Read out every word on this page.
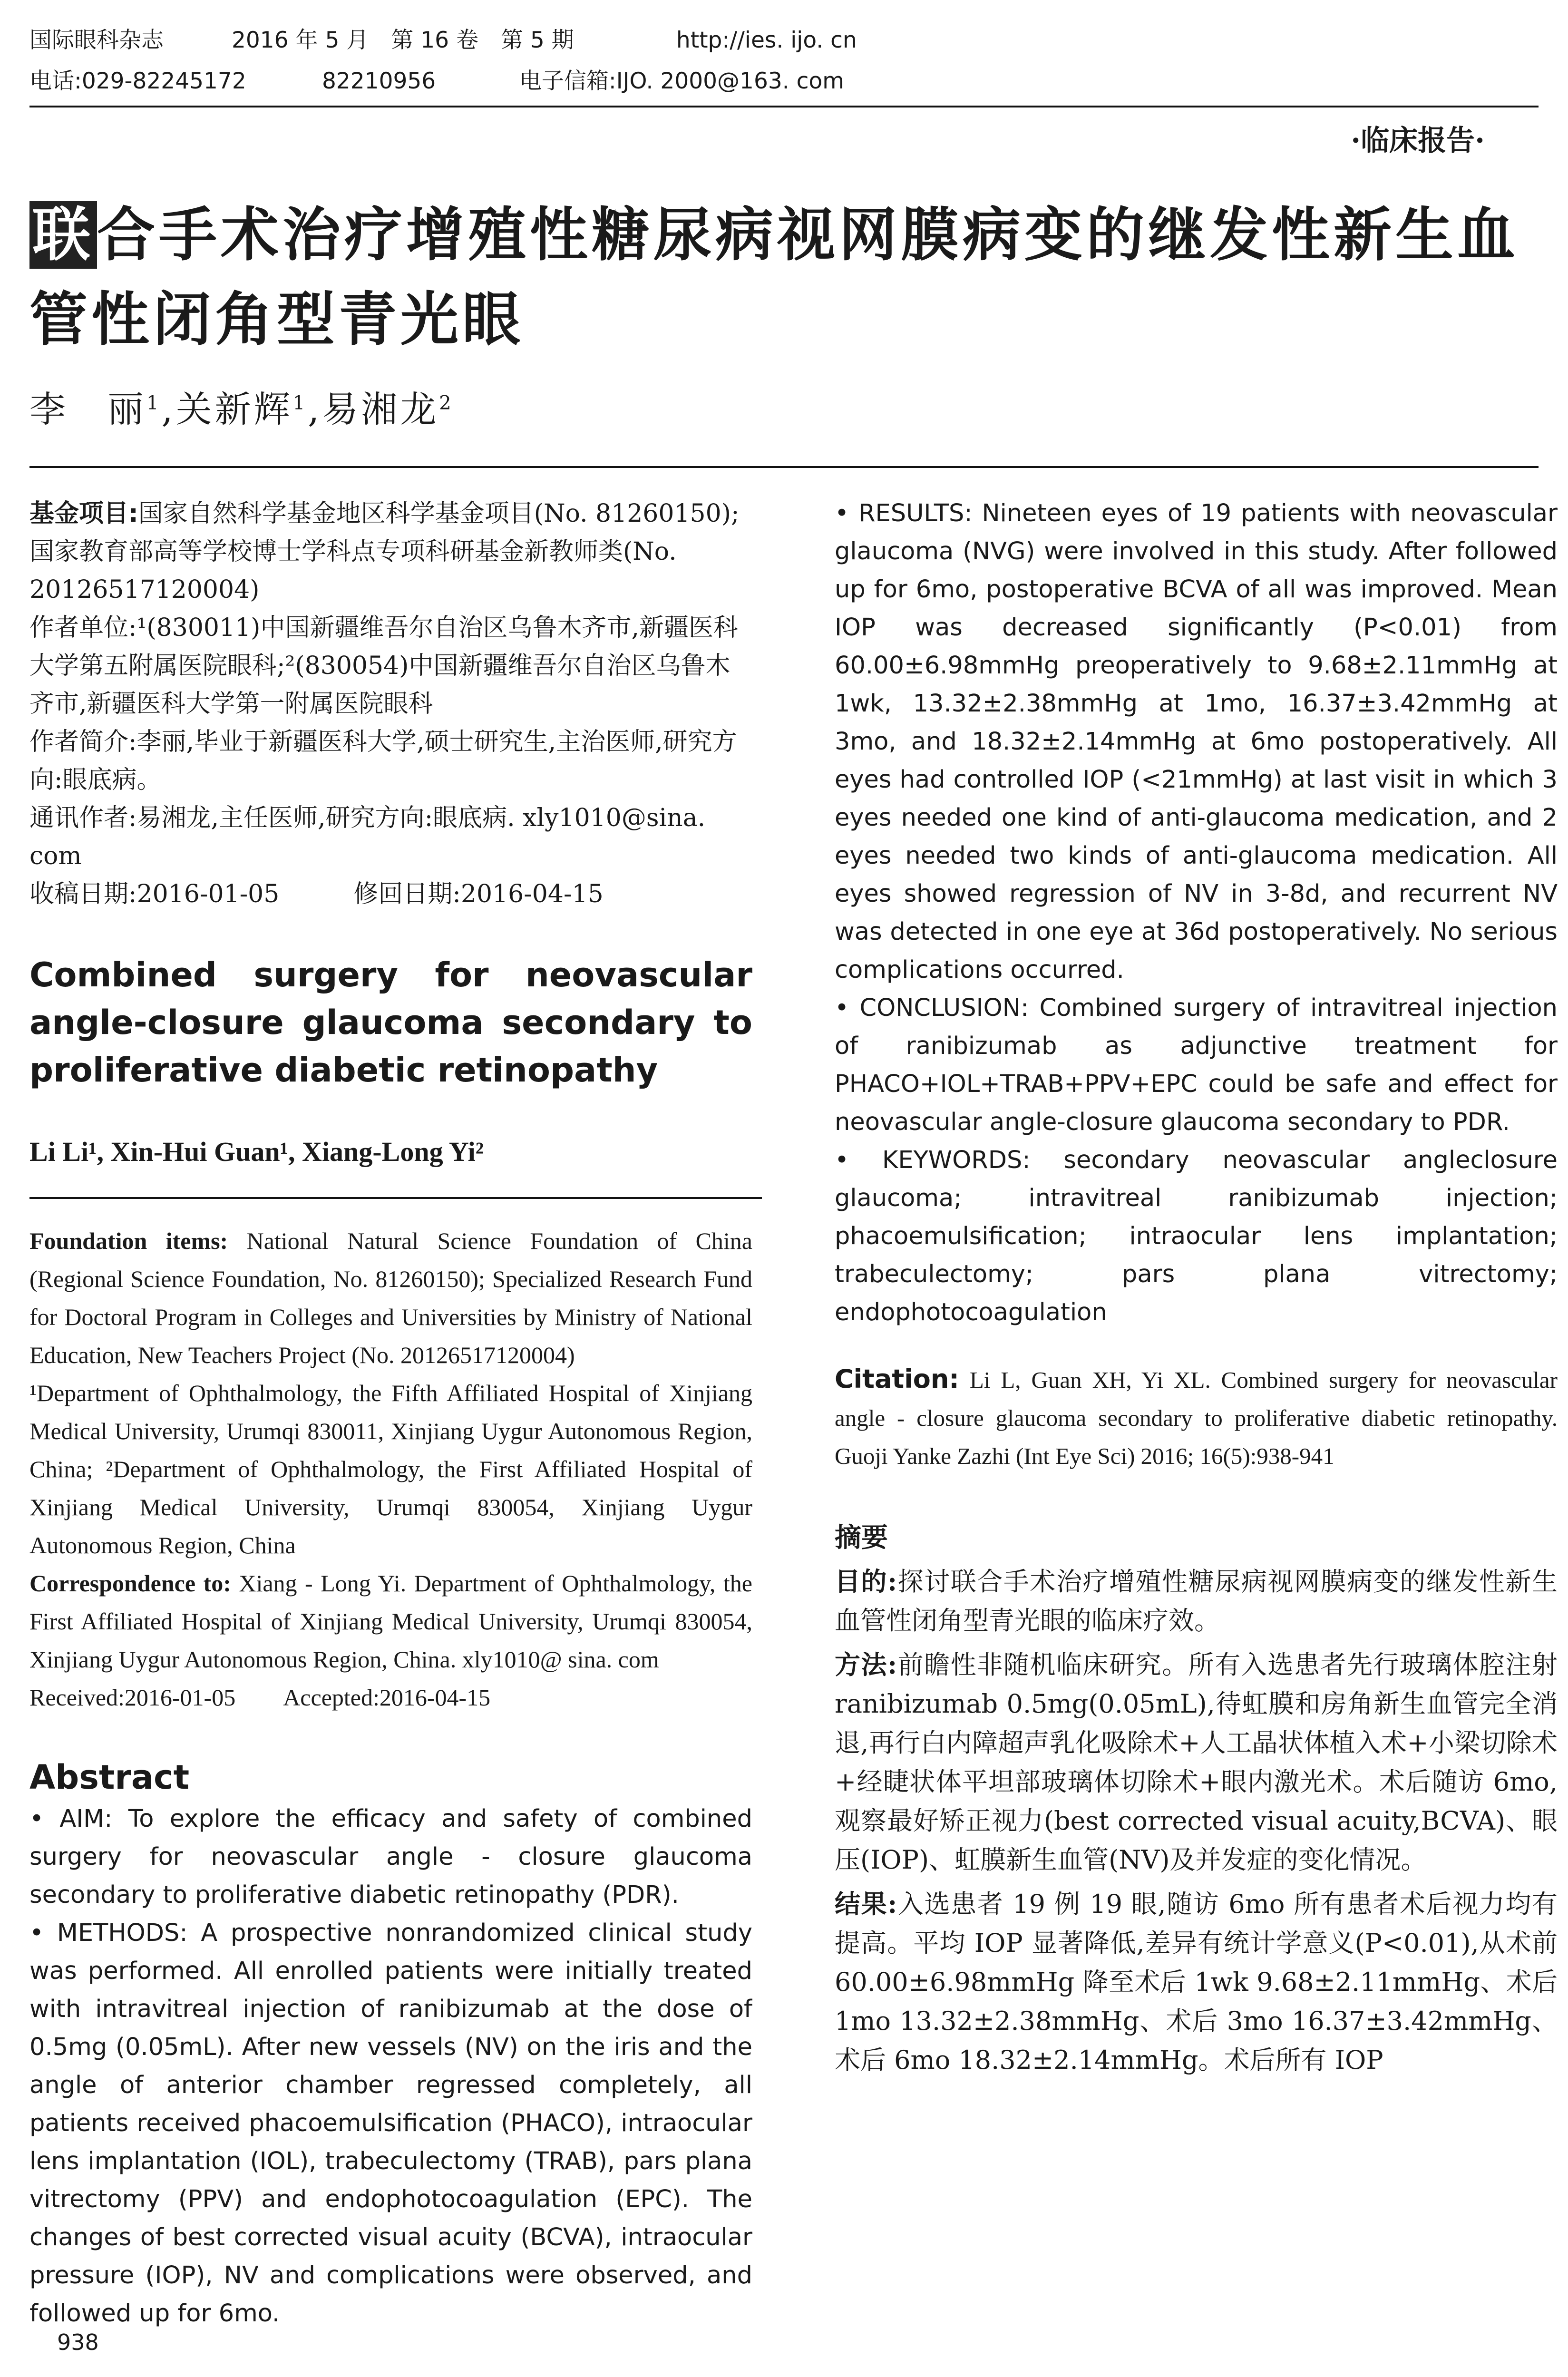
国际眼科杂志	2016 年 5 月　第 16 卷　第 5 期	http://ies. ijo. cn
电话:029-82245172	82210956	电子信箱:IJO. 2000@163. com
·临床报告·
联合手术治疗增殖性糖尿病视网膜病变的继发性新生血管性闭角型青光眼
李　丽$^1$,关新辉$^1$,易湘龙$^2$
基金项目:国家自然科学基金地区科学基金项目(No. 81260150);国家教育部高等学校博士学科点专项科研基金新教师类(No. 20126517120004)
作者单位:¹(830011)中国新疆维吾尔自治区乌鲁木齐市,新疆医科大学第五附属医院眼科;²(830054)中国新疆维吾尔自治区乌鲁木齐市,新疆医科大学第一附属医院眼科
作者简介:李丽,毕业于新疆医科大学,硕士研究生,主治医师,研究方向:眼底病。
通讯作者:易湘龙,主任医师,研究方向:眼底病. xly1010@sina. com
收稿日期:2016-01-05　　　修回日期:2016-04-15
Combined surgery for neovascular angle-closure glaucoma secondary to proliferative diabetic retinopathy
Li Li¹, Xin-Hui Guan¹, Xiang-Long Yi²
Foundation items: National Natural Science Foundation of China (Regional Science Foundation, No. 81260150); Specialized Research Fund for Doctoral Program in Colleges and Universities by Ministry of National Education, New Teachers Project (No. 20126517120004)
¹Department of Ophthalmology, the Fifth Affiliated Hospital of Xinjiang Medical University, Urumqi 830011, Xinjiang Uygur Autonomous Region, China; ²Department of Ophthalmology, the First Affiliated Hospital of Xinjiang Medical University, Urumqi 830054, Xinjiang Uygur Autonomous Region, China
Correspondence to: Xiang - Long Yi. Department of Ophthalmology, the First Affiliated Hospital of Xinjiang Medical University, Urumqi 830054, Xinjiang Uygur Autonomous Region, China. xly1010@ sina. com
Received:2016-01-05　　Accepted:2016-04-15
Abstract
• AIM: To explore the efficacy and safety of combined surgery for neovascular angle - closure glaucoma secondary to proliferative diabetic retinopathy (PDR).
• METHODS: A prospective nonrandomized clinical study was performed. All enrolled patients were initially treated with intravitreal injection of ranibizumab at the dose of 0.5mg (0.05mL). After new vessels (NV) on the iris and the angle of anterior chamber regressed completely, all patients received phacoemulsification (PHACO), intraocular lens implantation (IOL), trabeculectomy (TRAB), pars plana vitrectomy (PPV) and endophotocoagulation (EPC). The changes of best corrected visual acuity (BCVA), intraocular pressure (IOP), NV and complications were observed, and followed up for 6mo.
• RESULTS: Nineteen eyes of 19 patients with neovascular glaucoma (NVG) were involved in this study. After followed up for 6mo, postoperative BCVA of all was improved. Mean IOP was decreased significantly (P<0.01) from 60.00±6.98mmHg preoperatively to 9.68±2.11mmHg at 1wk, 13.32±2.38mmHg at 1mo, 16.37±3.42mmHg at 3mo, and 18.32±2.14mmHg at 6mo postoperatively. All eyes had controlled IOP (<21mmHg) at last visit in which 3 eyes needed one kind of anti-glaucoma medication, and 2 eyes needed two kinds of anti-glaucoma medication. All eyes showed regression of NV in 3-8d, and recurrent NV was detected in one eye at 36d postoperatively. No serious complications occurred.
• CONCLUSION: Combined surgery of intravitreal injection of ranibizumab as adjunctive treatment for PHACO+IOL+TRAB+PPV+EPC could be safe and effect for neovascular angle-closure glaucoma secondary to PDR.
• KEYWORDS: secondary neovascular angleclosure glaucoma; intravitreal ranibizumab injection; phacoemulsification; intraocular lens implantation; trabeculectomy; pars plana vitrectomy; endophotocoagulation
Citation: Li L, Guan XH, Yi XL. Combined surgery for neovascular angle - closure glaucoma secondary to proliferative diabetic retinopathy. Guoji Yanke Zazhi (Int Eye Sci) 2016; 16(5):938-941
摘要
目的:探讨联合手术治疗增殖性糖尿病视网膜病变的继发性新生血管性闭角型青光眼的临床疗效。
方法:前瞻性非随机临床研究。所有入选患者先行玻璃体腔注射 ranibizumab 0.5mg(0.05mL),待虹膜和房角新生血管完全消退,再行白内障超声乳化吸除术+人工晶状体植入术+小梁切除术+经睫状体平坦部玻璃体切除术+眼内激光术。术后随访 6mo,观察最好矫正视力(best corrected visual acuity,BCVA)、眼压(IOP)、虹膜新生血管(NV)及并发症的变化情况。
结果:入选患者 19 例 19 眼,随访 6mo 所有患者术后视力均有提高。平均 IOP 显著降低,差异有统计学意义(P<0.01),从术前 60.00±6.98mmHg 降至术后 1wk 9.68±2.11mmHg、术后 1mo 13.32±2.38mmHg、术后 3mo 16.37±3.42mmHg、术后 6mo 18.32±2.14mmHg。术后所有 IOP
938
